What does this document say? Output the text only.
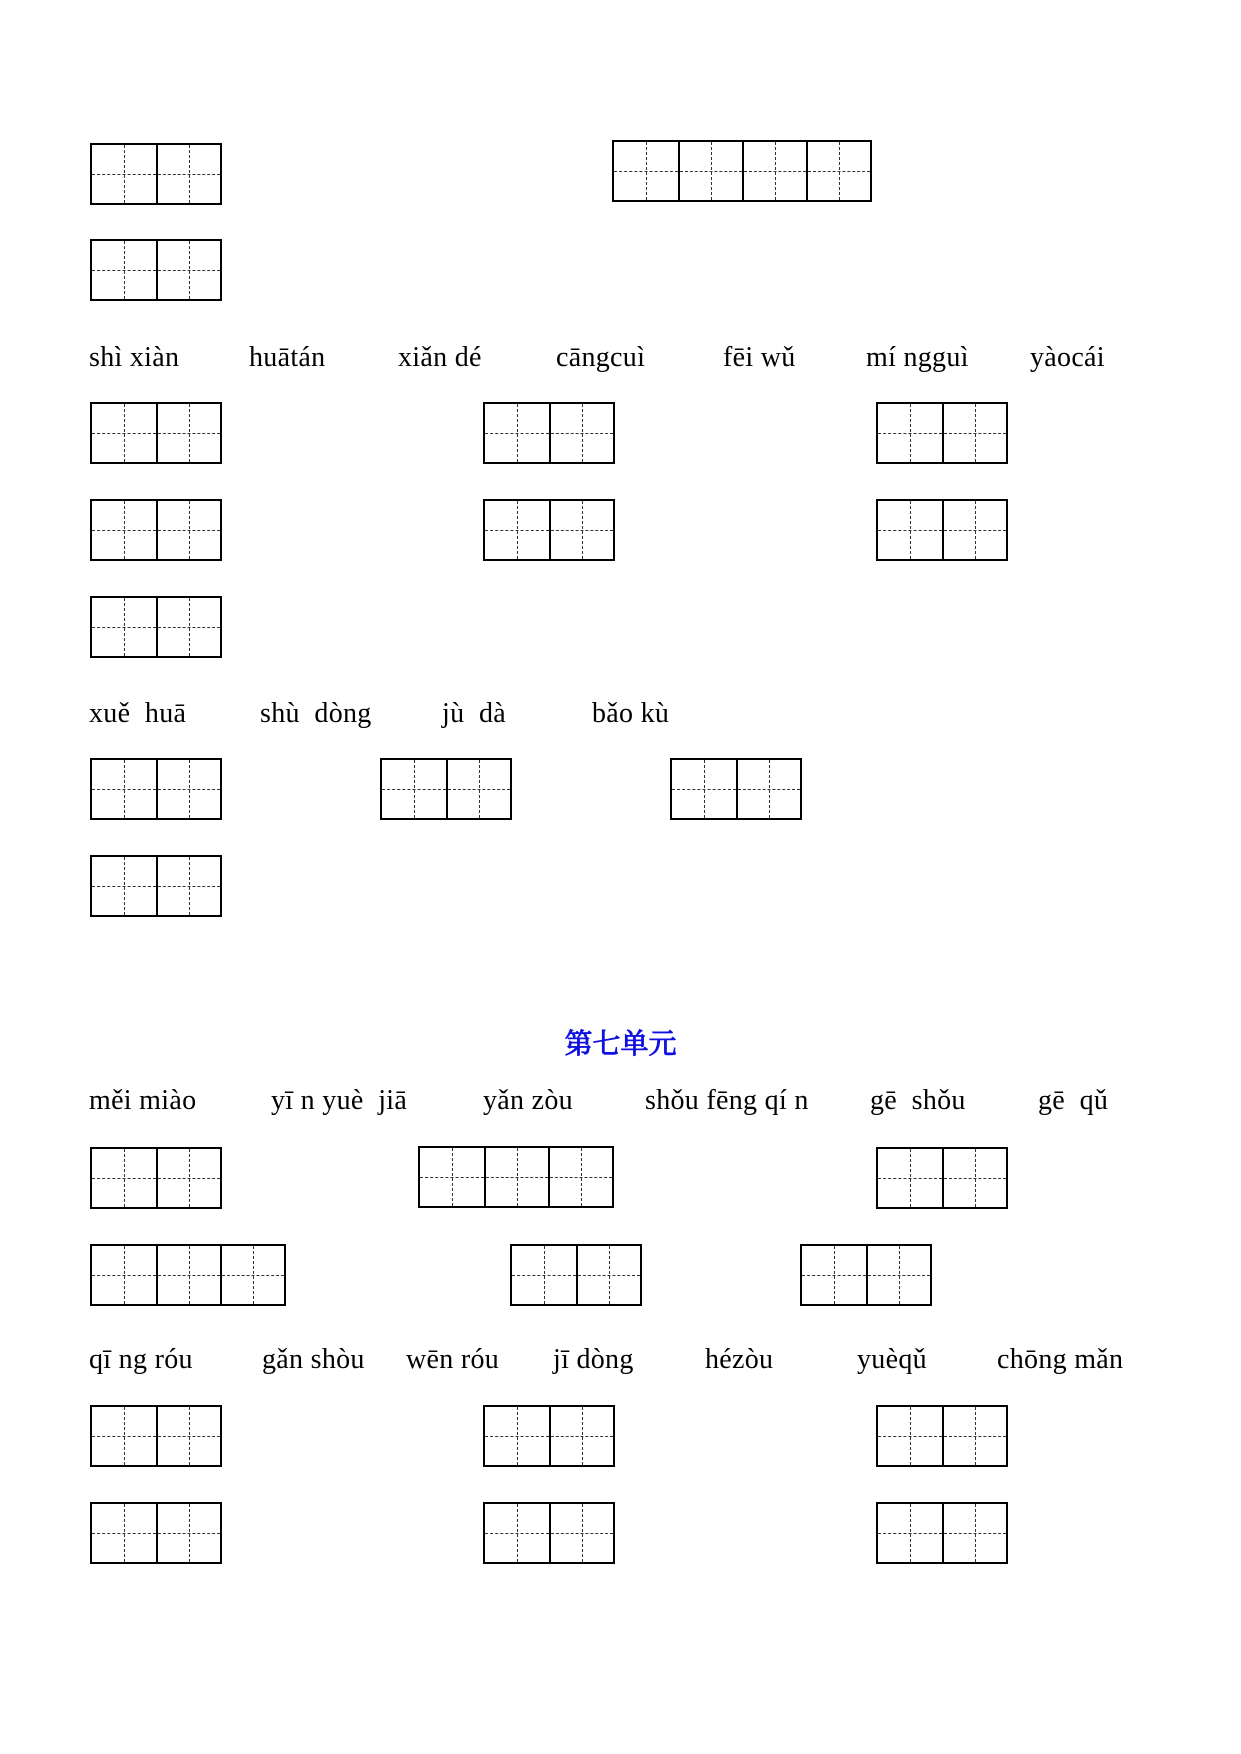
shì xiàn huātán	xiǎn dé	cāngcuì	fēi wǔ	mí ngguì yàocái
xuě  huā	shù  dòng	jù  dà	bǎo kù
第七单元
měi miào	yī n yuè  jiā	yǎn zòu	shǒu fēng qí n gē  shǒu	gē  qǔ
qī ng róu gǎn shòu wēn róu jī dòng	hézòu	yuèqǔ	chōng mǎn
